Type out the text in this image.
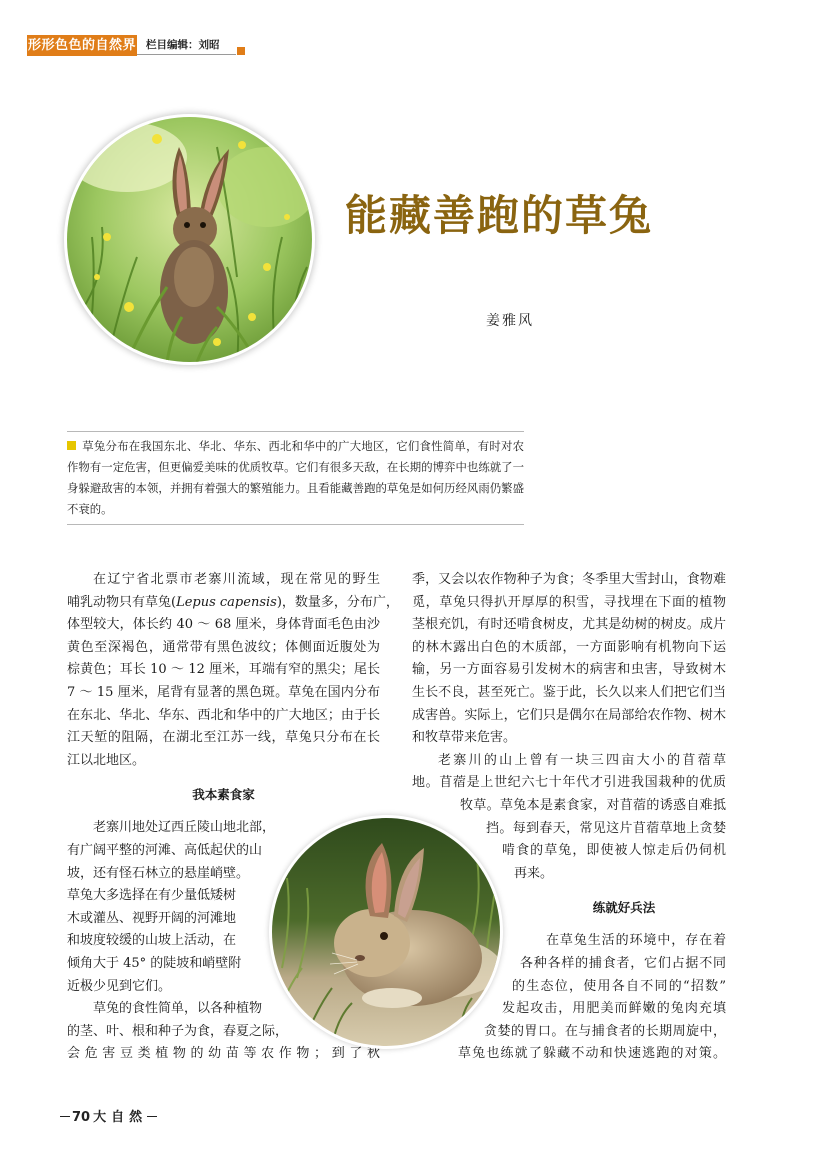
形形色色的自然界 栏目编辑：刘昭
能藏善跑的草兔
姜雅风
草兔分布在我国东北、华北、华东、西北和华中的广大地区，它们食性简单，有时对农作物有一定危害，但更偏爱美味的优质牧草。它们有很多天敌，在长期的博弈中也练就了一身躲避敌害的本领，并拥有着强大的繁殖能力。且看能藏善跑的草兔是如何历经风雨仍繁盛不衰的。
在辽宁省北票市老寨川流域，现在常见的野生
哺乳动物只有草兔(Lepus capensis)，数量多，分布广，
体型较大，体长约 40 ～ 68 厘米，身体背面毛色由沙
黄色至深褐色，通常带有黑色波纹；体侧面近腹处为
棕黄色；耳长 10 ～ 12 厘米，耳端有窄的黑尖；尾长
7 ～ 15 厘米，尾背有显著的黑色斑。草兔在国内分布
在东北、华北、华东、西北和华中的广大地区；由于长
江天堑的阻隔，在湖北至江苏一线，草兔只分布在长
江以北地区。
我本素食家
老寨川地处辽西丘陵山地北部，
有广阔平整的河滩、高低起伏的山
坡，还有怪石林立的悬崖峭壁。
草兔大多选择在有少量低矮树
木或灌丛、视野开阔的河滩地
和坡度较缓的山坡上活动，在
倾角大于 45° 的陡坡和峭壁附
近极少见到它们。
草兔的食性简单，以各种植物
的茎、叶、根和种子为食，春夏之际，
会危害豆类植物的幼苗等农作物；到了秋
季，又会以农作物种子为食；冬季里大雪封山，食物难
觅，草兔只得扒开厚厚的积雪，寻找埋在下面的植物
茎根充饥，有时还啃食树皮，尤其是幼树的树皮。成片
的林木露出白色的木质部，一方面影响有机物向下运
输，另一方面容易引发树木的病害和虫害，导致树木
生长不良，甚至死亡。鉴于此，长久以来人们把它们当
成害兽。实际上，它们只是偶尔在局部给农作物、树木
和牧草带来危害。
老寨川的山上曾有一块三四亩大小的苜蓿草
地。苜蓿是上世纪六七十年代才引进我国栽种的优质
牧草。草兔本是素食家，对苜蓿的诱惑自难抵
挡。每到春天，常见这片苜蓿草地上贪婪
啃食的草兔，即使被人惊走后仍伺机
再来。
练就好兵法
在草兔生活的环境中，存在着
各种各样的捕食者，它们占据不同
的生态位，使用各自不同的“招数”
发起攻击，用肥美而鲜嫩的兔肉充填
贪婪的胃口。在与捕食者的长期周旋中，
草兔也练就了躲藏不动和快速逃跑的对策。
70 大自然
